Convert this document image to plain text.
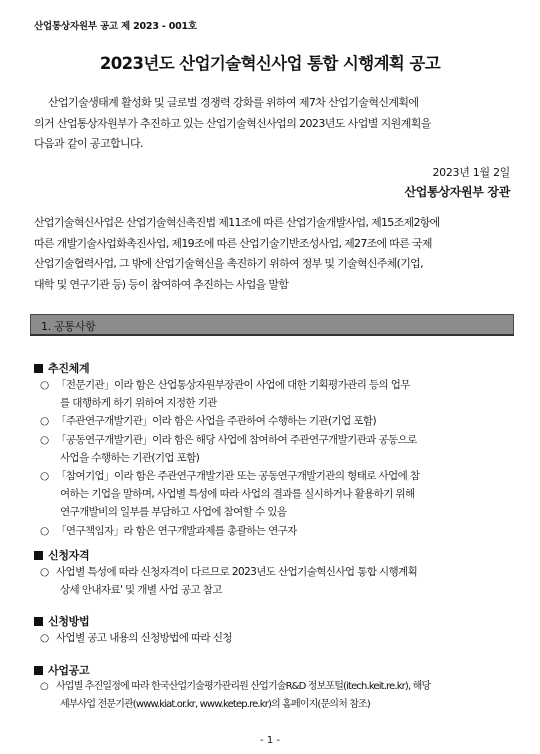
산업통상자원부 공고 제 2023 - 001호
2023년도 산업기술혁신사업 통합 시행계획 공고

산업기술생태계 활성화 및 글로벌 경쟁력 강화를 위하여 제7차 산업기술혁신계획에
의거 산업통상자원부가 추진하고 있는 산업기술혁신사업의 2023년도 사업별 지원계획을
다음과 같이 공고합니다.

2023년 1월 2일
산업통상자원부 장관

산업기술혁신사업은 산업기술혁신촉진법 제11조에 따른 산업기술개발사업, 제15조제2항에
따른 개발기술사업화촉진사업, 제19조에 따른 산업기술기반조성사업, 제27조에 따른 국제
산업기술협력사업, 그 밖에 산업기술혁신을 촉진하기 위하여 정부 및 기술혁신주체(기업,
대학 및 연구기관 등) 등이 참여하여 추진하는 사업을 말함

1. 공통사항
추진체계
○ 「전문기관」이라 함은 산업통상자원부장관이 사업에 대한 기획평가관리 등의 업무
를 대행하게 하기 위하여 지정한 기관
○ 「주관연구개발기관」이라 함은 사업을 주관하여 수행하는 기관(기업 포함)
○ 「공동연구개발기관」이라 함은 해당 사업에 참여하여 주관연구개발기관과 공동으로
사업을 수행하는 기관(기업 포함)
○ 「참여기업」이라 함은 주관연구개발기관 또는 공동연구개발기관의 형태로 사업에 참
여하는 기업을 말하며, 사업별 특성에 따라 사업의 결과를 실시하거나 활용하기 위해
연구개발비의 일부를 부담하고 사업에 참여할 수 있음
○ 「연구책임자」라 함은 연구개발과제를 총괄하는 연구자
신청자격
○ 사업별 특성에 따라 신청자격이 다르므로 2023년도 산업기술혁신사업 통합 시행계획
상세 안내자료' 및 개별 사업 공고 참고
신청방법
○ 사업별 공고 내용의 신청방법에 따라 신청
사업공고
○ 사업별 추진일정에 따라 한국산업기술평가관리원 산업기술R&D 정보포털(itech.keit.re.kr), 해당
세부사업 전문기관(www.kiat.or.kr, www.ketep.re.kr)의 홈페이지(문의처 참조)
- 1 -
